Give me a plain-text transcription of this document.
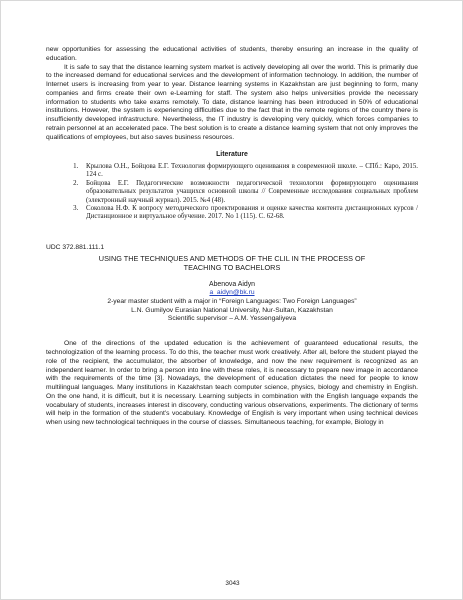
new opportunities for assessing the educational activities of students, thereby ensuring an increase in the quality of education.

It is safe to say that the distance learning system market is actively developing all over the world. This is primarily due to the increased demand for educational services and the development of information technology. In addition, the number of Internet users is increasing from year to year. Distance learning systems in Kazakhstan are just beginning to form, many companies and firms create their own e-Learning for staff. The system also helps universities provide the necessary information to students who take exams remotely. To date, distance learning has been introduced in 50% of educational institutions. However, the system is experiencing difficulties due to the fact that in the remote regions of the country there is insufficiently developed infrastructure. Nevertheless, the IT industry is developing very quickly, which forces companies to retrain personnel at an accelerated pace. The best solution is to create a distance learning system that not only improves the qualifications of employees, but also saves business resources.

Literature
1. Крылова О.Н., Бойцова Е.Г. Технология формирующего оценивания в современной школе. – СПб.: Каро, 2015. 124 с.
2. Бойцова Е.Г. Педагогические возможности педагогической технологии формирующего оценивания образовательных результатов учащихся основной школы // Современные исследования социальных проблем (электронный научный журнал). 2015. №4 (48).
3. Соколова Н.Ф. К вопросу методического проектирования и оценке качества контента дистанционных курсов / Дистанционное и виртуальное обучение. 2017. No 1 (115). С. 62-68.
UDC 372.881.111.1
USING THE TECHNIQUES AND METHODS OF THE CLIL IN THE PROCESS OF
TEACHING TO BACHELORS
Abenova Aidyn
a_aidyn@bk.ru
2-year master student with a major in “Foreign Languages: Two Foreign Languages”
L.N. Gumilyov Eurasian National University, Nur-Sultan, Kazakhstan
Scientific supervisor – A.M. Yessengaliyeva

One of the directions of the updated education is the achievement of guaranteed educational results, the technologization of the learning process. To do this, the teacher must work creatively. After all, before the student played the role of the recipient, the accumulator, the absorber of knowledge, and now the new requirement is recognized as an independent learner. In order to bring a person into line with these roles, it is necessary to prepare new image in accordance with the requirements of the time [3]. Nowadays, the development of education dictates the need for people to know multilingual languages. Many institutions in Kazakhstan teach computer science, physics, biology and chemistry in English. On the one hand, it is difficult, but it is necessary. Learning subjects in combination with the English language expands the vocabulary of students, increases interest in discovery, conducting various observations, experiments. The dictionary of terms will help in the formation of the student’s vocabulary. Knowledge of English is very important when using technical devices when using new technological techniques in the course of classes. Simultaneous teaching, for example, Biology in

3043
